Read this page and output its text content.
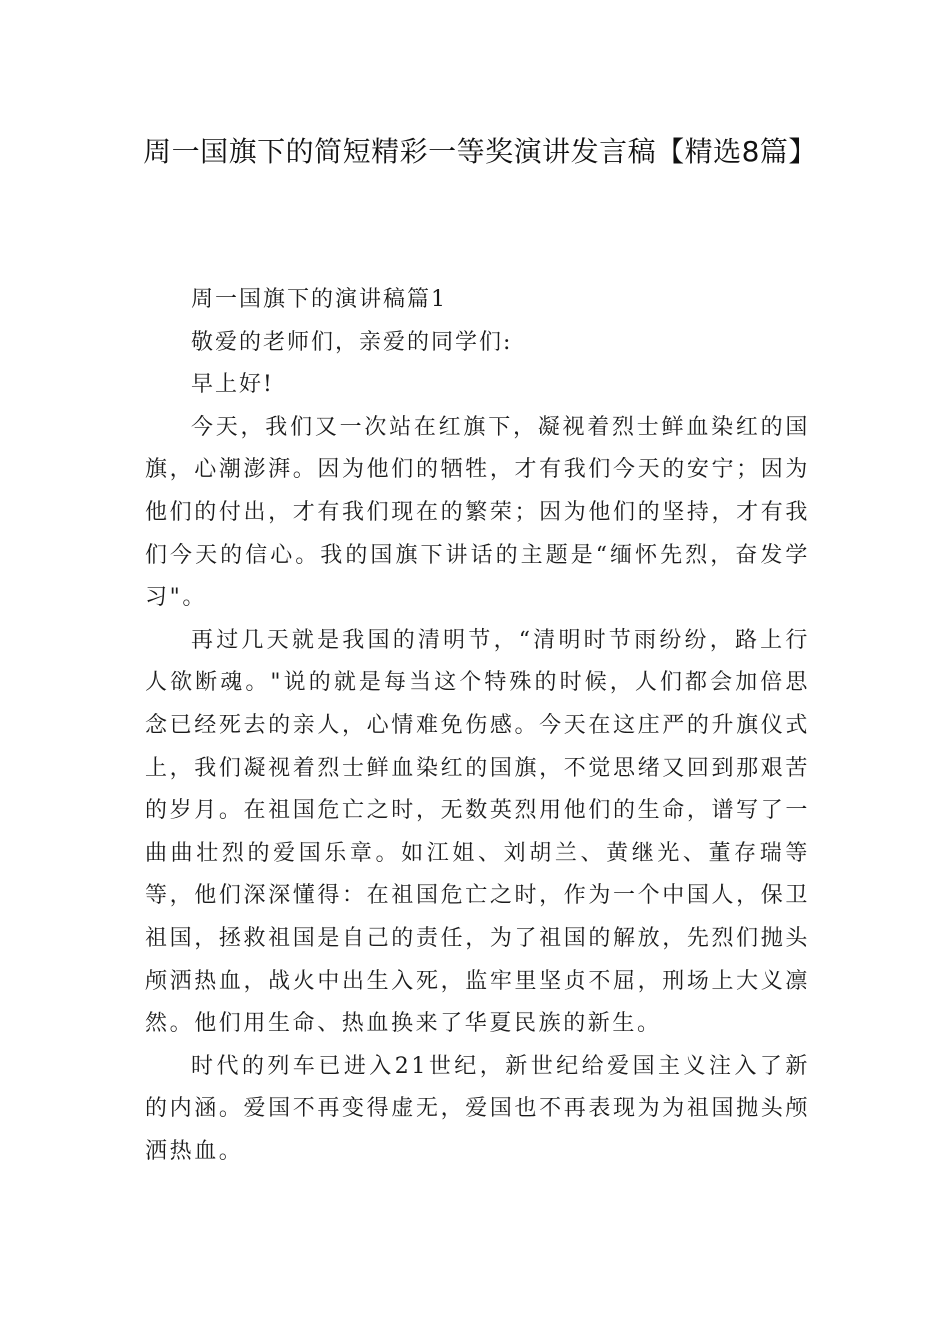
周一国旗下的简短精彩一等奖演讲发言稿【精选8篇】

周一国旗下的演讲稿篇1

敬爱的老师们，亲爱的同学们:

早上好!

今天，我们又一次站在红旗下，凝视着烈士鲜血染红的国旗，心潮澎湃。因为他们的牺牲，才有我们今天的安宁；因为他们的付出，才有我们现在的繁荣；因为他们的坚持，才有我们今天的信心。我的国旗下讲话的主题是“缅怀先烈，奋发学习"。

再过几天就是我国的清明节，“清明时节雨纷纷，路上行人欲断魂。"说的就是每当这个特殊的时候，人们都会加倍思念已经死去的亲人，心情难免伤感。今天在这庄严的升旗仪式上，我们凝视着烈士鲜血染红的国旗，不觉思绪又回到那艰苦的岁月。在祖国危亡之时，无数英烈用他们的生命，谱写了一曲曲壮烈的爱国乐章。如江姐、刘胡兰、黄继光、董存瑞等等，他们深深懂得：在祖国危亡之时，作为一个中国人，保卫祖国，拯救祖国是自己的责任，为了祖国的解放，先烈们抛头颅洒热血，战火中出生入死，监牢里坚贞不屈，刑场上大义凛然。他们用生命、热血换来了华夏民族的新生。

时代的列车已进入21世纪，新世纪给爱国主义注入了新的内涵。爱国不再变得虚无，爱国也不再表现为为祖国抛头颅洒热血。
